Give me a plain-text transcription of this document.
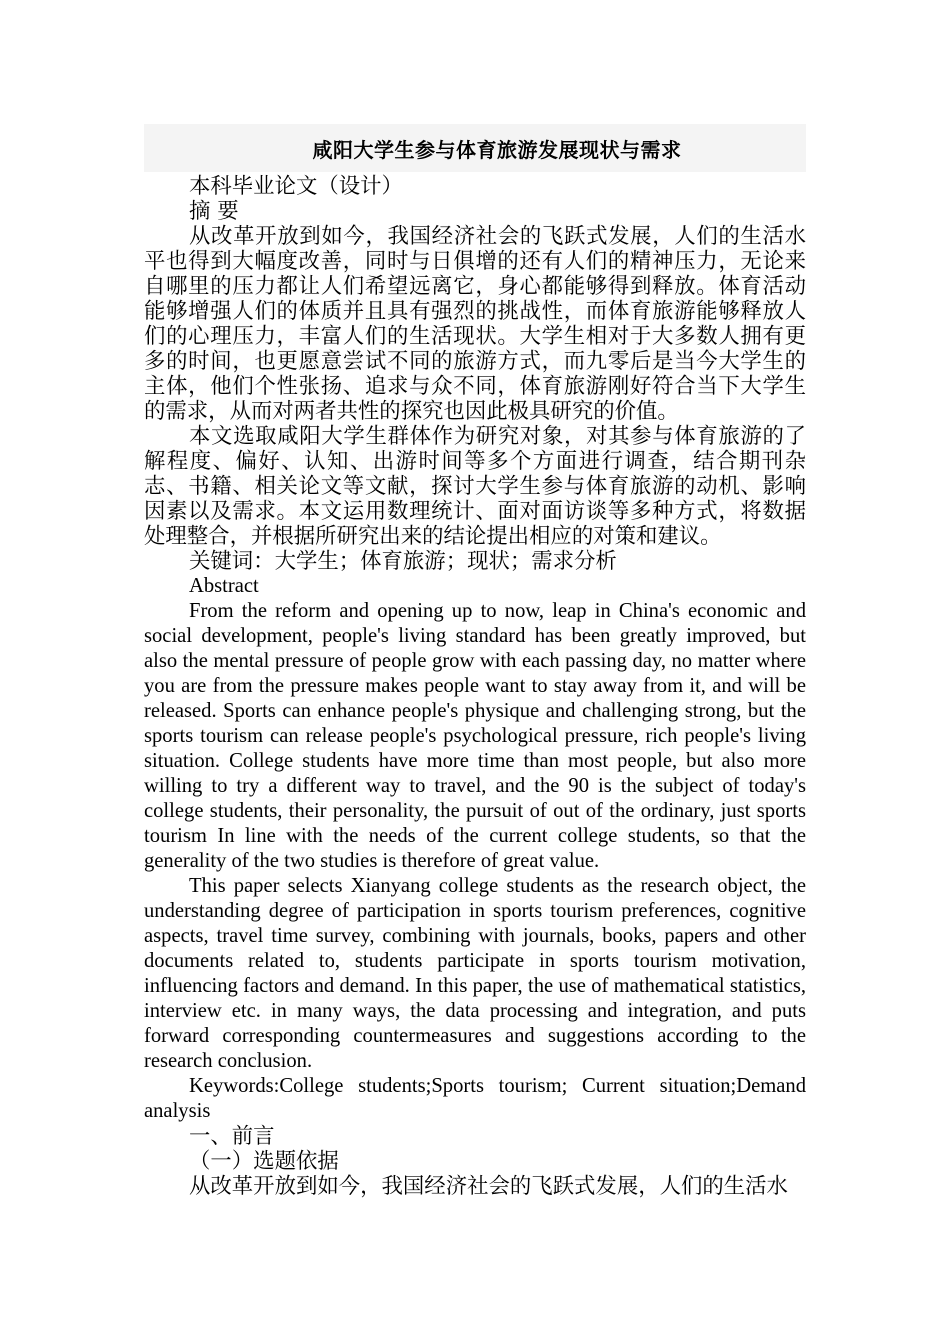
咸阳大学生参与体育旅游发展现状与需求

本科毕业论文（设计）

摘 要

从改革开放到如今，我国经济社会的飞跃式发展，人们的生活水平也得到大幅度改善，同时与日俱增的还有人们的精神压力，无论来自哪里的压力都让人们希望远离它，身心都能够得到释放。体育活动能够增强人们的体质并且具有强烈的挑战性，而体育旅游能够释放人们的心理压力，丰富人们的生活现状。大学生相对于大多数人拥有更多的时间，也更愿意尝试不同的旅游方式，而九零后是当今大学生的主体，他们个性张扬、追求与众不同，体育旅游刚好符合当下大学生的需求，从而对两者共性的探究也因此极具研究的价值。

本文选取咸阳大学生群体作为研究对象，对其参与体育旅游的了解程度、偏好、认知、出游时间等多个方面进行调查，结合期刊杂志、书籍、相关论文等文献，探讨大学生参与体育旅游的动机、影响因素以及需求。本文运用数理统计、面对面访谈等多种方式，将数据处理整合，并根据所研究出来的结论提出相应的对策和建议。

关键词：大学生；体育旅游；现状；需求分析

Abstract

From the reform and opening up to now, leap in China's economic and social development, people's living standard has been greatly improved, but also the mental pressure of people grow with each passing day, no matter where you are from the pressure makes people want to stay away from it, and will be released. Sports can enhance people's physique and challenging strong, but the sports tourism can release people's psychological pressure, rich people's living situation. College students have more time than most people, but also more willing to try a different way to travel, and the 90 is the subject of today's college students, their personality, the pursuit of out of the ordinary, just sports tourism In line with the needs of the current college students, so that the generality of the two studies is therefore of great value.

This paper selects Xianyang college students as the research object, the understanding degree of participation in sports tourism preferences, cognitive aspects, travel time survey, combining with journals, books, papers and other documents related to, students participate in sports tourism motivation, influencing factors and demand. In this paper, the use of mathematical statistics, interview etc. in many ways, the data processing and integration, and puts forward corresponding countermeasures and suggestions according to the research conclusion.

Keywords:College students;Sports tourism; Current situation;Demand analysis

一、前言

（一）选题依据

从改革开放到如今，我国经济社会的飞跃式发展，人们的生活水
